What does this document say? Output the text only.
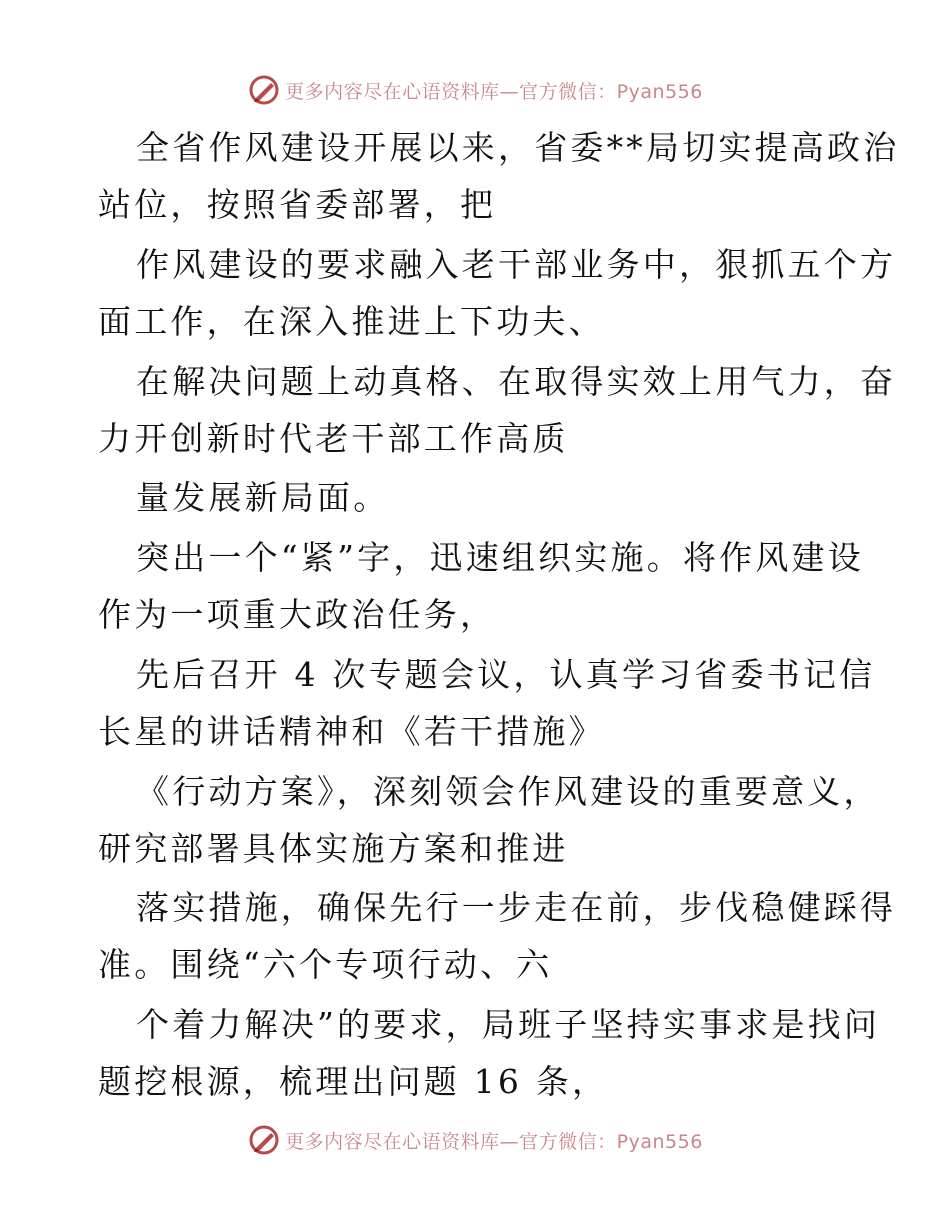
更多内容尽在心语资料库—官方微信：Pyan556
全省作风建设开展以来，省委**局切实提高政治
站位，按照省委部署，把
作风建设的要求融入老干部业务中，狠抓五个方
面工作，在深入推进上下功夫、
在解决问题上动真格、在取得实效上用气力，奋
力开创新时代老干部工作高质
量发展新局面。
突出一个“紧”字，迅速组织实施。将作风建设
作为一项重大政治任务，
先后召开 4 次专题会议，认真学习省委书记信
长星的讲话精神和《若干措施》
《行动方案》，深刻领会作风建设的重要意义，
研究部署具体实施方案和推进
落实措施，确保先行一步走在前，步伐稳健踩得
准。围绕“六个专项行动、六
个着力解决”的要求，局班子坚持实事求是找问
题挖根源，梳理出问题 16 条，
更多内容尽在心语资料库—官方微信：Pyan556
